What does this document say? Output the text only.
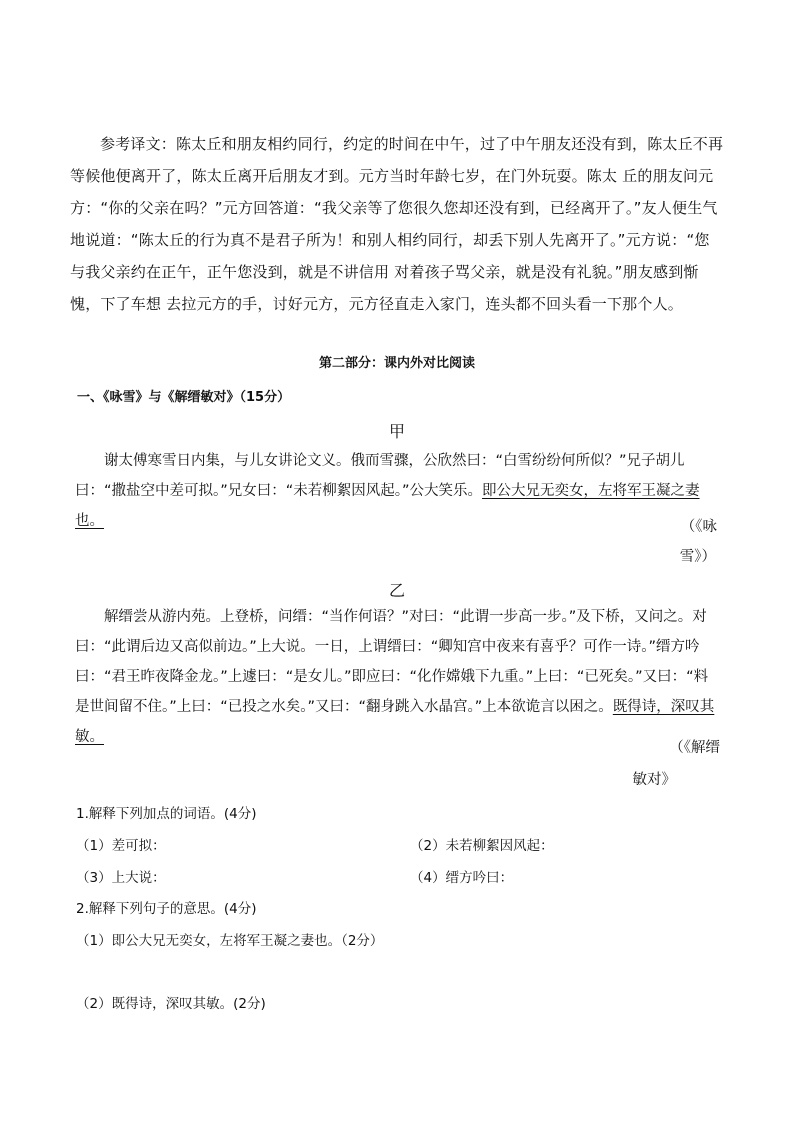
参考译文：陈太丘和朋友相约同行，约定的时间在中午，过了中午朋友还没有到，陈太丘不再等候他便离开了，陈太丘离开后朋友才到。元方当时年龄七岁，在门外玩耍。陈太 丘的朋友问元方：“你的父亲在吗？”元方回答道：“我父亲等了您很久您却还没有到，已经离开了。”友人便生气地说道：“陈太丘的行为真不是君子所为！和别人相约同行，却丢下别人先离开了。”元方说：“您与我父亲约在正午，正午您没到，就是不讲信用 对着孩子骂父亲，就是没有礼貌。”朋友感到惭愧，下了车想 去拉元方的手，讨好元方，元方径直走入家门，连头都不回头看一下那个人。

第二部分：课内外对比阅读

一、《咏雪》与《解缙敏对》（15分）

甲

谢太傅寒雪日内集，与儿女讲论文义。俄而雪骤，公欣然曰：“白雪纷纷何所似？”兄子胡儿曰：“撒盐空中差可拟。”兄女曰：“未若柳絮因风起。”公大笑乐。即公大兄无奕女，左将军王凝之妻也。	（《咏

雪》）

乙

解缙尝从游内苑。上登桥，问缙：“当作何语？”对曰：“此谓一步高一步。”及下桥，又问之。对曰：“此谓后边又高似前边。”上大说。一日，上谓缙曰：“卿知宫中夜来有喜乎？可作一诗。”缙方吟曰：“君王昨夜降金龙。”上遽曰：“是女儿。”即应曰：“化作嫦娥下九重。”上曰：“已死矣。”又曰：“料是世间留不住。”上曰：“已投之水矣。”又曰：“翻身跳入水晶宫。”上本欲诡言以困之。既得诗，深叹其敏。

（《解缙

敏对》

1.解释下列加点的词语。(4分)

（1）差可拟：	（2）未若柳絮因风起：

（3）上大说：	（4）缙方吟曰：

2.解释下列句子的意思。(4分)

（1）即公大兄无奕女，左将军王凝之妻也。（2分）

（2）既得诗，深叹其敏。(2分)
